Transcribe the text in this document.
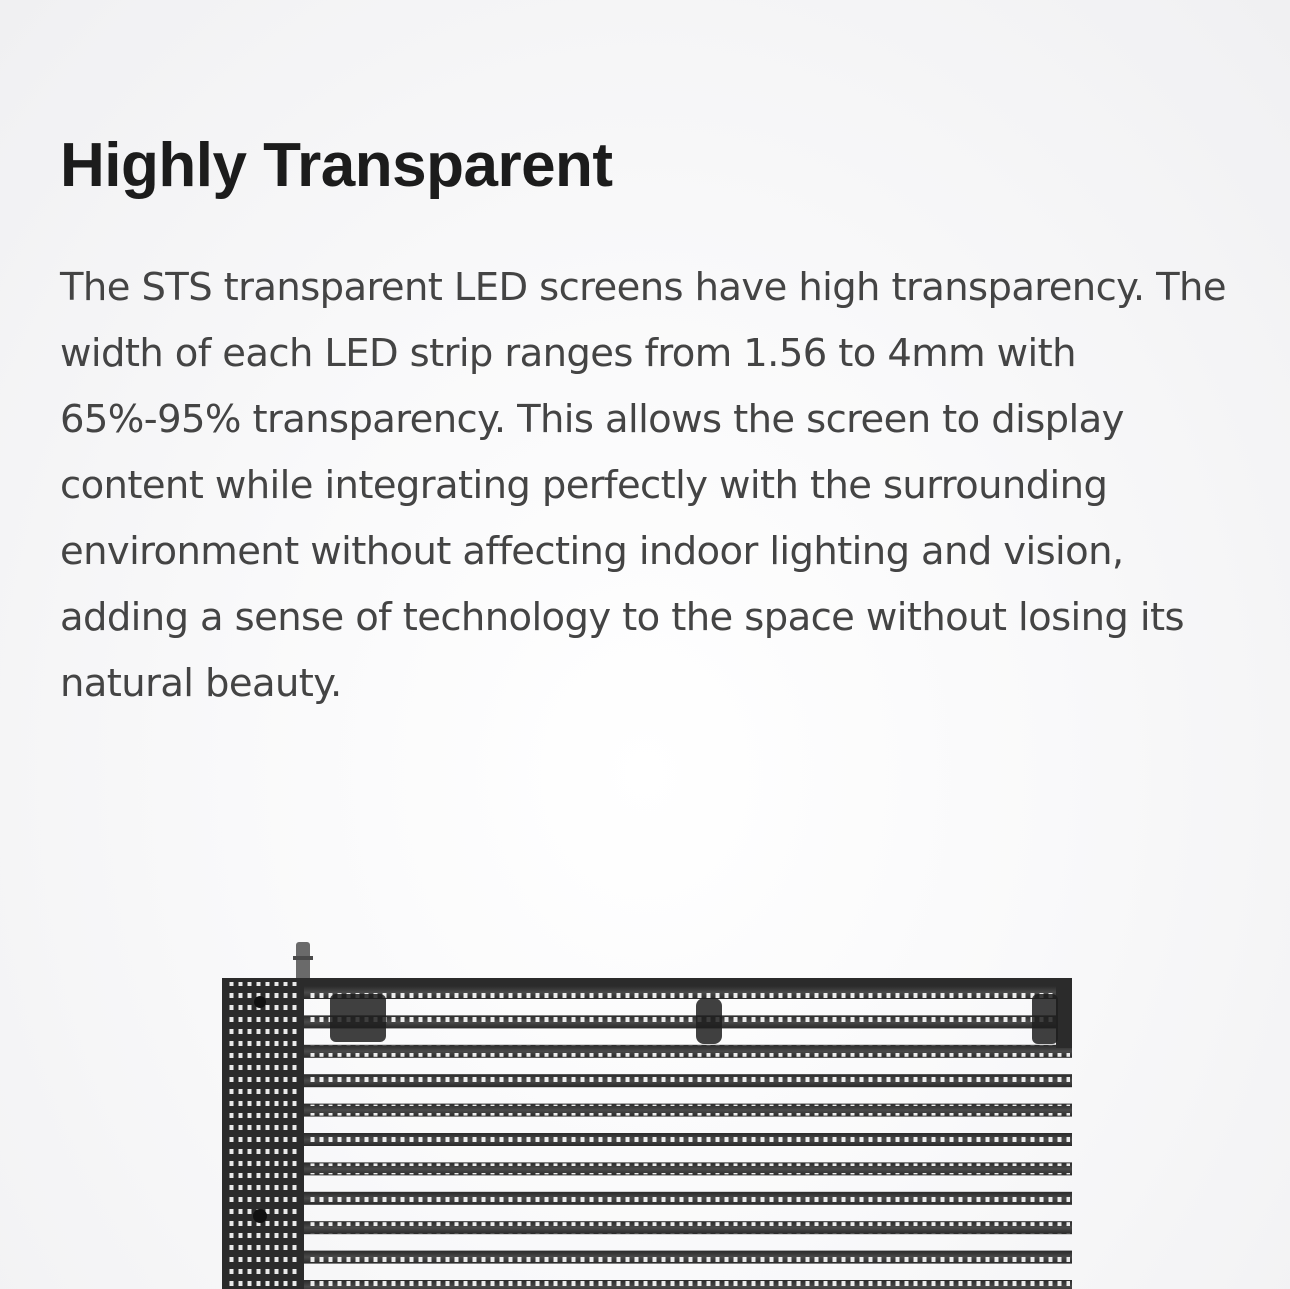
Highly Transparent

The STS transparent LED screens have high transparency. The width of each LED strip ranges from 1.56 to 4mm with 65%-95% transparency. This allows the screen to display content while integrating perfectly with the surrounding environment without affecting indoor lighting and vision, adding a sense of technology to the space without losing its natural beauty.
